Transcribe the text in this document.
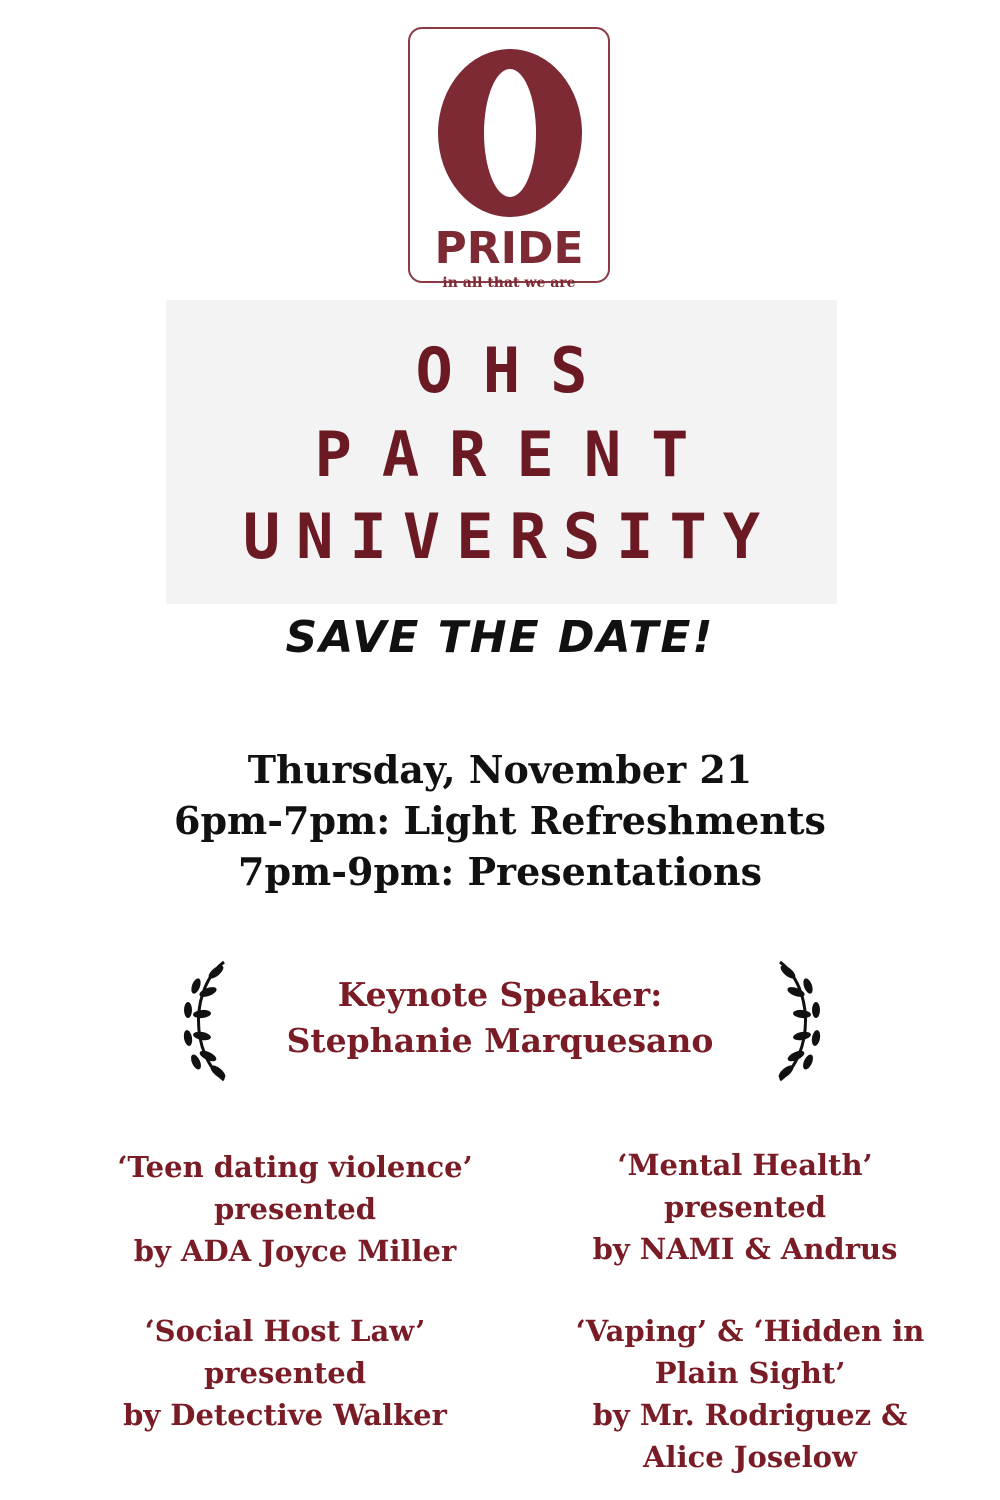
PRIDE
in all that we are
OHS
PARENT
UNIVERSITY
SAVE THE DATE!
Thursday, November 21
6pm-7pm: Light Refreshments
7pm-9pm: Presentations
Keynote Speaker:
Stephanie Marquesano
‘Teen dating violence’
presented
by ADA Joyce Miller
‘Mental Health’
presented
by NAMI & Andrus
‘Social Host Law’
presented
by Detective Walker
‘Vaping’ & ‘Hidden in
Plain Sight’
by Mr. Rodriguez &
Alice Joselow
